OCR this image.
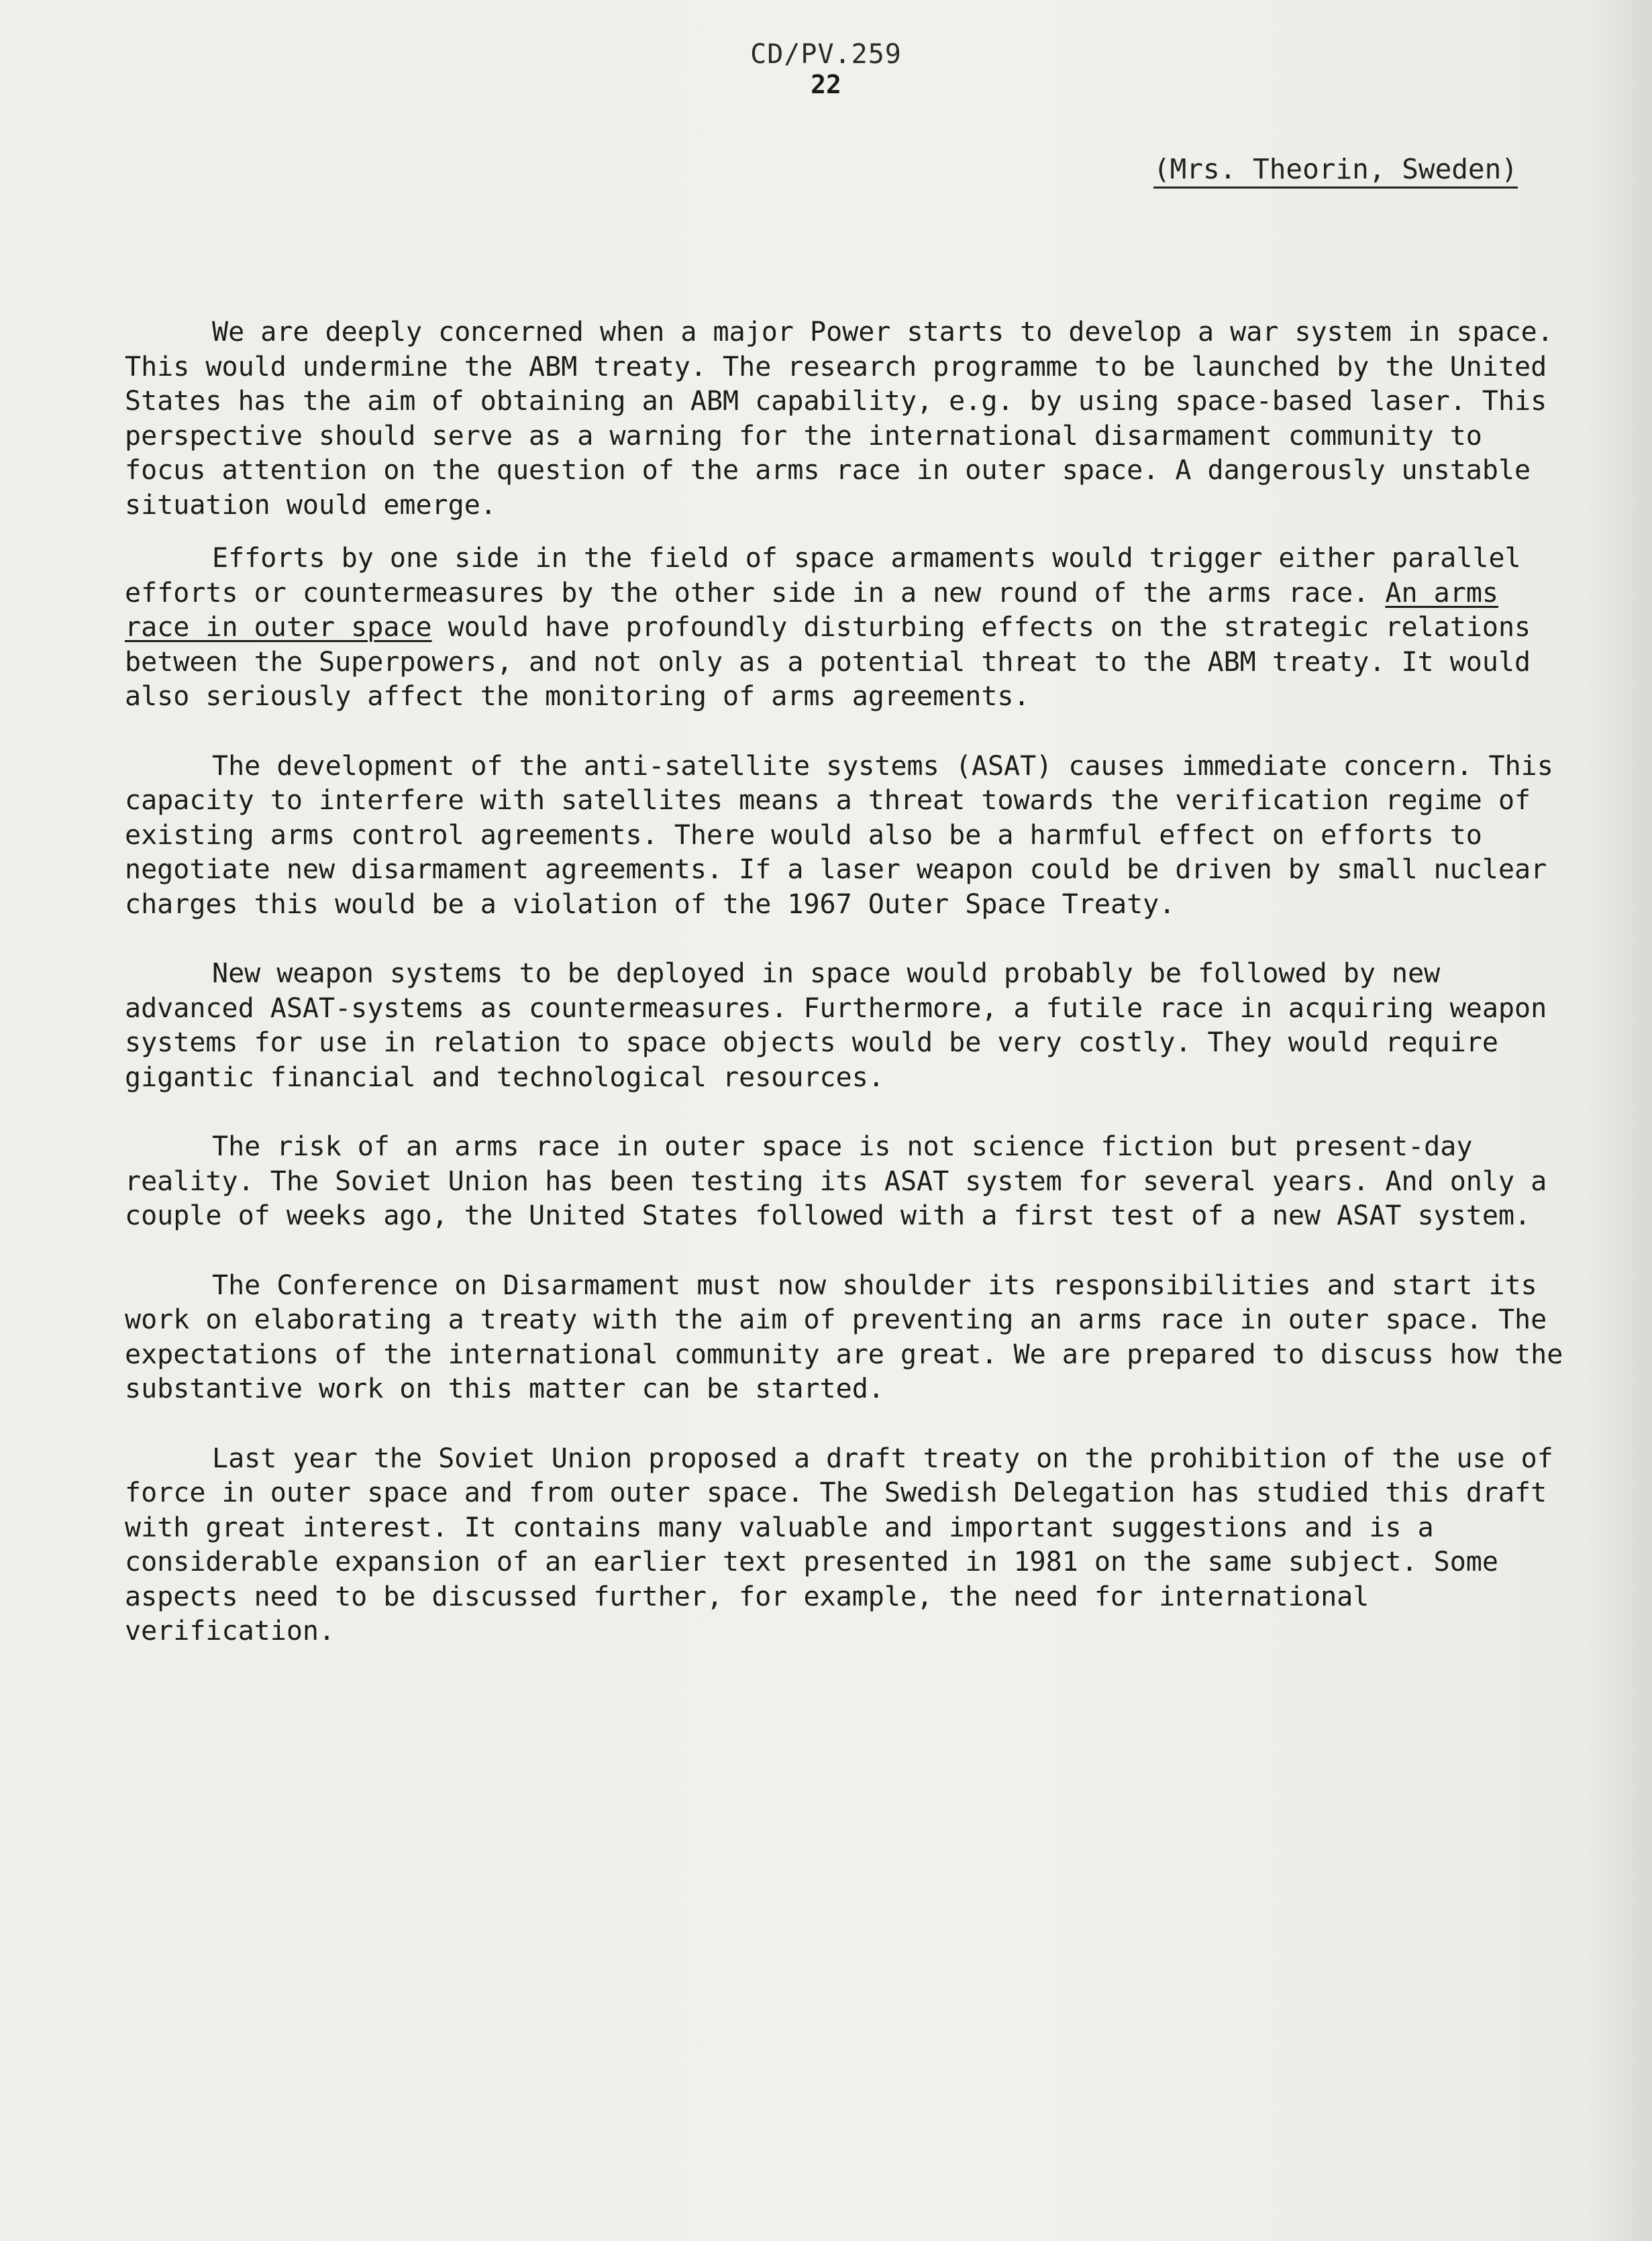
CD/PV.259
22
(Mrs. Theorin, Sweden)

We are deeply concerned when a major Power starts to develop a war system in space. This would undermine the ABM treaty. The research programme to be launched by the United States has the aim of obtaining an ABM capability, e.g. by using space-based laser. This perspective should serve as a warning for the international disarmament community to focus attention on the question of the arms race in outer space. A dangerously unstable situation would emerge.

Efforts by one side in the field of space armaments would trigger either parallel efforts or countermeasures by the other side in a new round of the arms race. An arms race in outer space would have profoundly disturbing effects on the strategic relations between the Superpowers, and not only as a potential threat to the ABM treaty. It would also seriously affect the monitoring of arms agreements.

The development of the anti-satellite systems (ASAT) causes immediate concern. This capacity to interfere with satellites means a threat towards the verification regime of existing arms control agreements. There would also be a harmful effect on efforts to negotiate new disarmament agreements. If a laser weapon could be driven by small nuclear charges this would be a violation of the 1967 Outer Space Treaty.

New weapon systems to be deployed in space would probably be followed by new advanced ASAT-systems as countermeasures. Furthermore, a futile race in acquiring weapon systems for use in relation to space objects would be very costly. They would require gigantic financial and technological resources.

The risk of an arms race in outer space is not science fiction but present-day reality. The Soviet Union has been testing its ASAT system for several years. And only a couple of weeks ago, the United States followed with a first test of a new ASAT system.

The Conference on Disarmament must now shoulder its responsibilities and start its work on elaborating a treaty with the aim of preventing an arms race in outer space. The expectations of the international community are great. We are prepared to discuss how the substantive work on this matter can be started.

Last year the Soviet Union proposed a draft treaty on the prohibition of the use of force in outer space and from outer space. The Swedish Delegation has studied this draft with great interest. It contains many valuable and important suggestions and is a considerable expansion of an earlier text presented in 1981 on the same subject. Some aspects need to be discussed further, for example, the need for international verification.
